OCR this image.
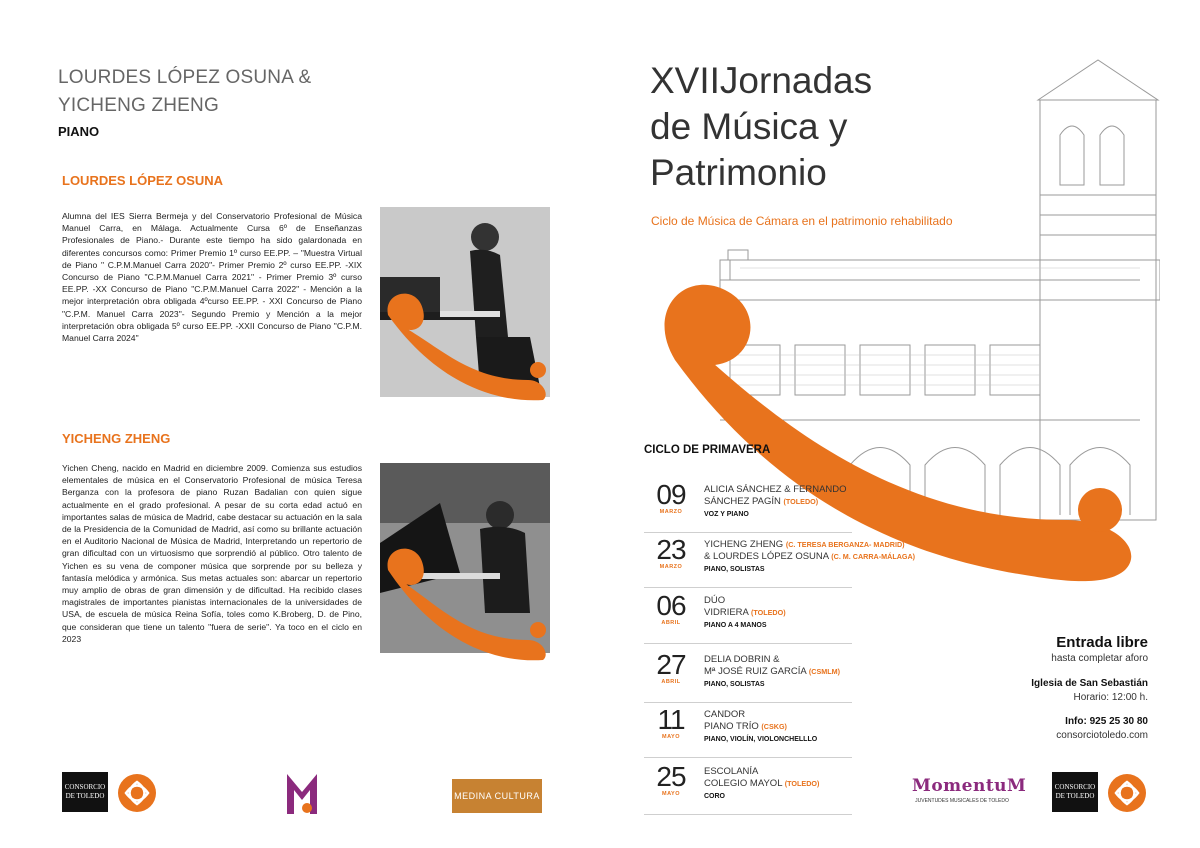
LOURDES LÓPEZ OSUNA &
YICHENG ZHENG
PIANO
LOURDES LÓPEZ OSUNA
Alumna del IES Sierra Bermeja y del Conservatorio Profesional de Música Manuel Carra, en Málaga. Actualmente Cursa 6º de Enseñanzas Profesionales de Piano.- Durante este tiempo ha sido galardonada en diferentes concursos como: Primer Premio 1º curso EE.PP. – "Muestra Virtual de Piano " C.P.M.Manuel Carra 2020"- Primer Premio 2º curso EE.PP. -XIX Concurso de Piano "C.P.M.Manuel Carra 2021" - Primer Premio 3º curso EE.PP. -XX Concurso de Piano "C.P.M.Manuel Carra 2022" - Mención a la mejor interpretación obra obligada 4ºcurso EE.PP. - XXI Concurso de Piano "C.P.M. Manuel Carra 2023"- Segundo Premio y Mención a la mejor interpretación obra obligada 5º curso EE.PP. -XXII Concurso de Piano "C.P.M. Manuel Carra 2024"
YICHENG ZHENG
Yichen Cheng, nacido en Madrid en diciembre 2009. Comienza sus estudios elementales de música en el Conservatorio Profesional de música Teresa Berganza con la profesora de piano Ruzan Badalian con quien sigue actualmente en el grado profesional. A pesar de su corta edad actuó en importantes salas de música de Madrid, cabe destacar su actuación en la sala de la Presidencia de la Comunidad de Madrid, así como su brillante actuación en el Auditorio Nacional de Música de Madrid, Interpretando un repertorio de gran dificultad con un virtuosismo que sorprendió al público. Otro talento de Yichen es su vena de componer música que sorprende por su belleza y fantasía melódica y armónica. Sus metas actuales son: abarcar un repertorio muy amplio de obras de gran dimensión y de dificultad. Ha recibido clases magistrales de importantes pianistas internacionales de la universidades de USA, de escuela de música Reina Sofía, toles como K.Broberg, D. de Pino, que consideran que tiene un talento "fuera de serie". Ya toco en el ciclo en 2023
CONSORCIO DE TOLEDO	MEDINA CULTURA
XVIIJornadas
de Música y
Patrimonio
Ciclo de Música de Cámara en el patrimonio rehabilitado
CICLO DE PRIMAVERA
09
MARZO
ALICIA SÁNCHEZ & FERNANDO
SÁNCHEZ PAGÍN (TOLEDO)
VOZ Y PIANO
23
MARZO
YICHENG ZHENG (C. TERESA BERGANZA- MADRID)
& LOURDES LÓPEZ OSUNA (C. M. CARRA-MÁLAGA)
PIANO, SOLISTAS
06
ABRIL
DÚO
VIDRIERA (TOLEDO)
PIANO A 4 MANOS
27
ABRIL
DELIA DOBRIN &
Mª JOSÉ RUIZ GARCÍA (CSMLM)
PIANO, SOLISTAS
11
MAYO
CANDOR
PIANO TRÍO (CSKG)
PIANO, VIOLÍN, VIOLONCHELLLO
25
MAYO
ESCOLANÍA
COLEGIO MAYOL (TOLEDO)
CORO
Entrada libre
hasta completar aforo
Iglesia de San Sebastián
Horario: 12:00 h.
Info: 925 25 30 80
consorciotoledo.com
MomentuM
JUVENTUDES MUSICALES DE TOLEDO
CONSORCIO DE TOLEDO
